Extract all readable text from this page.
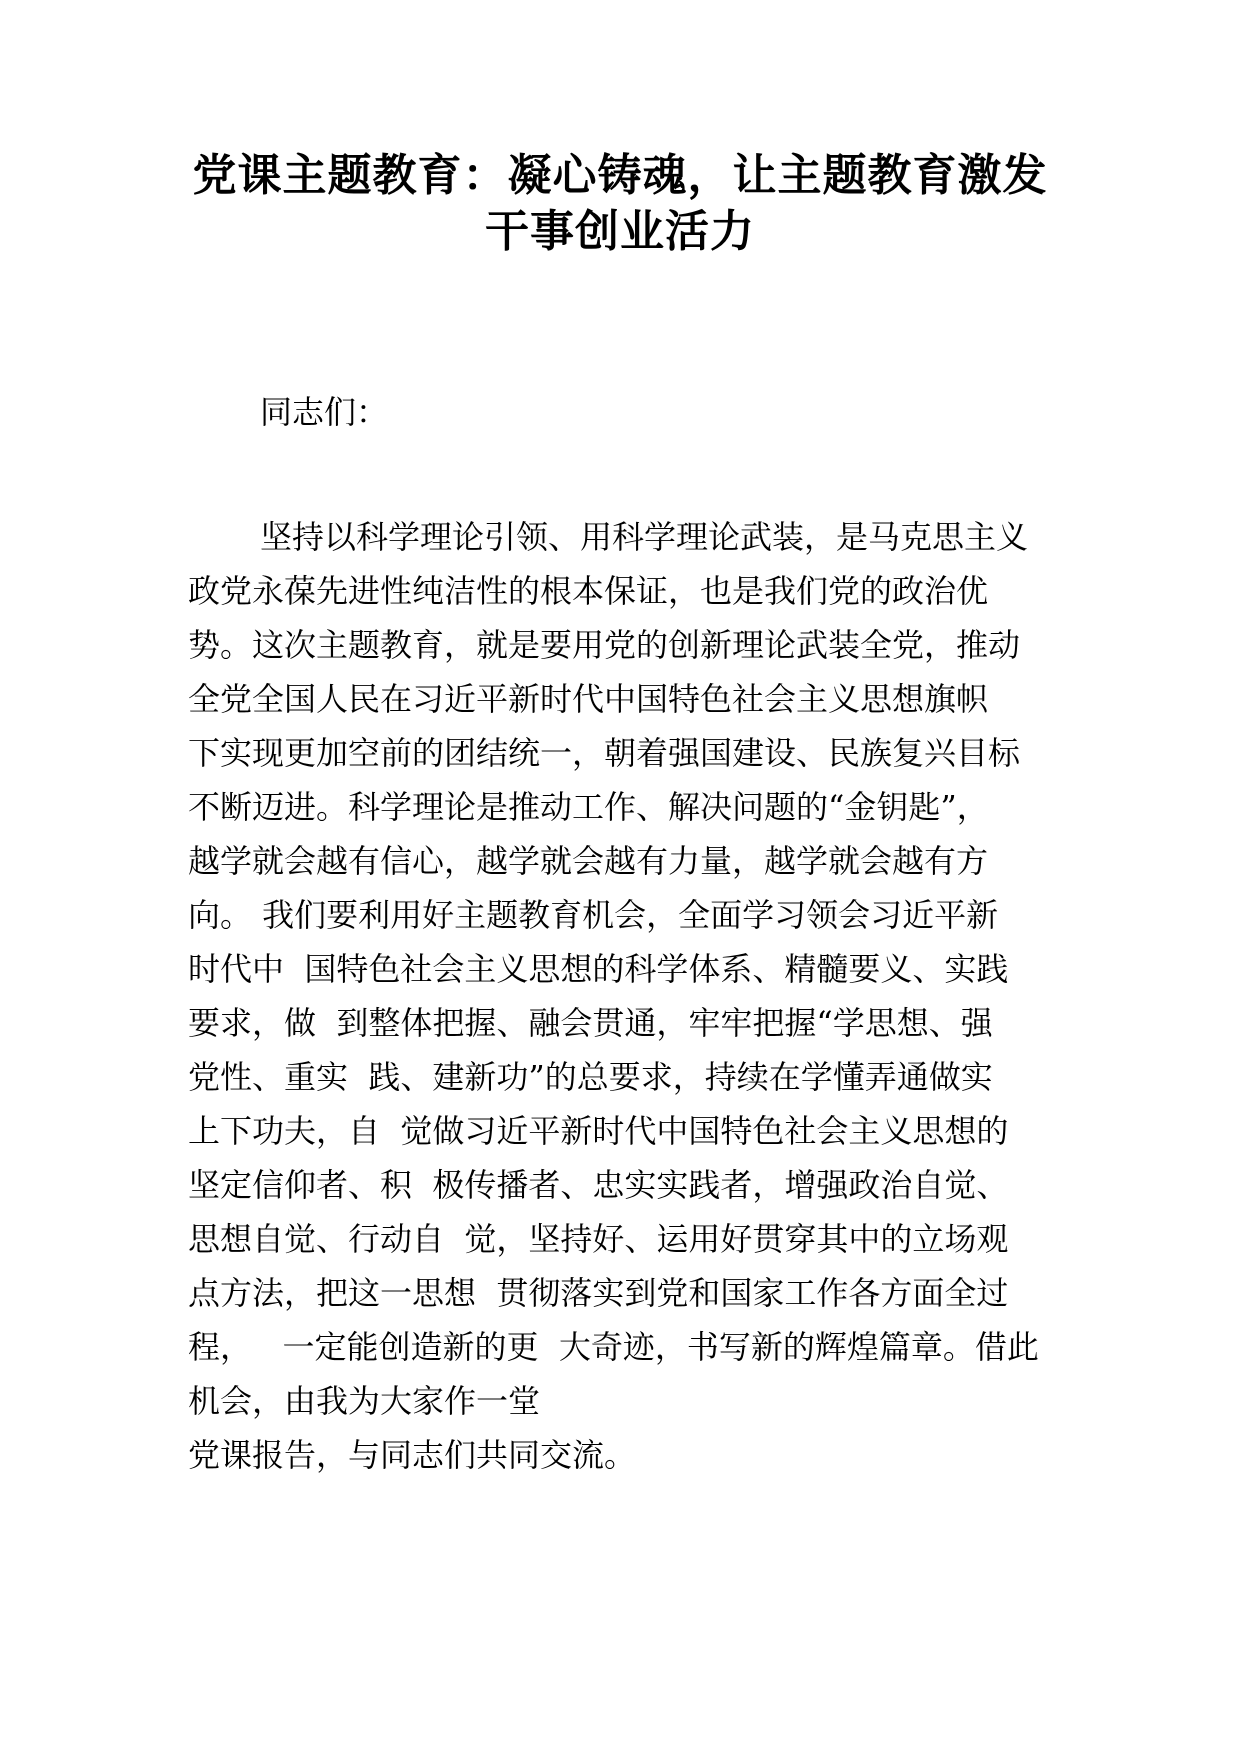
党课主题教育：凝心铸魂，让主题教育激发
干事创业活力
同志们：
坚持以科学理论引领、用科学理论武装，是马克思主义
政党永葆先进性纯洁性的根本保证，也是我们党的政治优
势。这次主题教育，就是要用党的创新理论武装全党，推动
全党全国人民在习近平新时代中国特色社会主义思想旗帜
下实现更加空前的团结统一，朝着强国建设、民族复兴目标
不断迈进。科学理论是推动工作、解决问题的“金钥匙”，
越学就会越有信心，越学就会越有力量，越学就会越有方
向。 我们要利用好主题教育机会，全面学习领会习近平新
时代中  国特色社会主义思想的科学体系、精髓要义、实践
要求，做  到整体把握、融会贯通，牢牢把握“学思想、强
党性、重实  践、建新功”的总要求，持续在学懂弄通做实
上下功夫，自  觉做习近平新时代中国特色社会主义思想的
坚定信仰者、积  极传播者、忠实实践者，增强政治自觉、
思想自觉、行动自  觉，坚持好、运用好贯穿其中的立场观
点方法，把这一思想  贯彻落实到党和国家工作各方面全过
程，   一定能创造新的更  大奇迹，书写新的辉煌篇章。借此
机会，由我为大家作一堂
党课报告，与同志们共同交流。
